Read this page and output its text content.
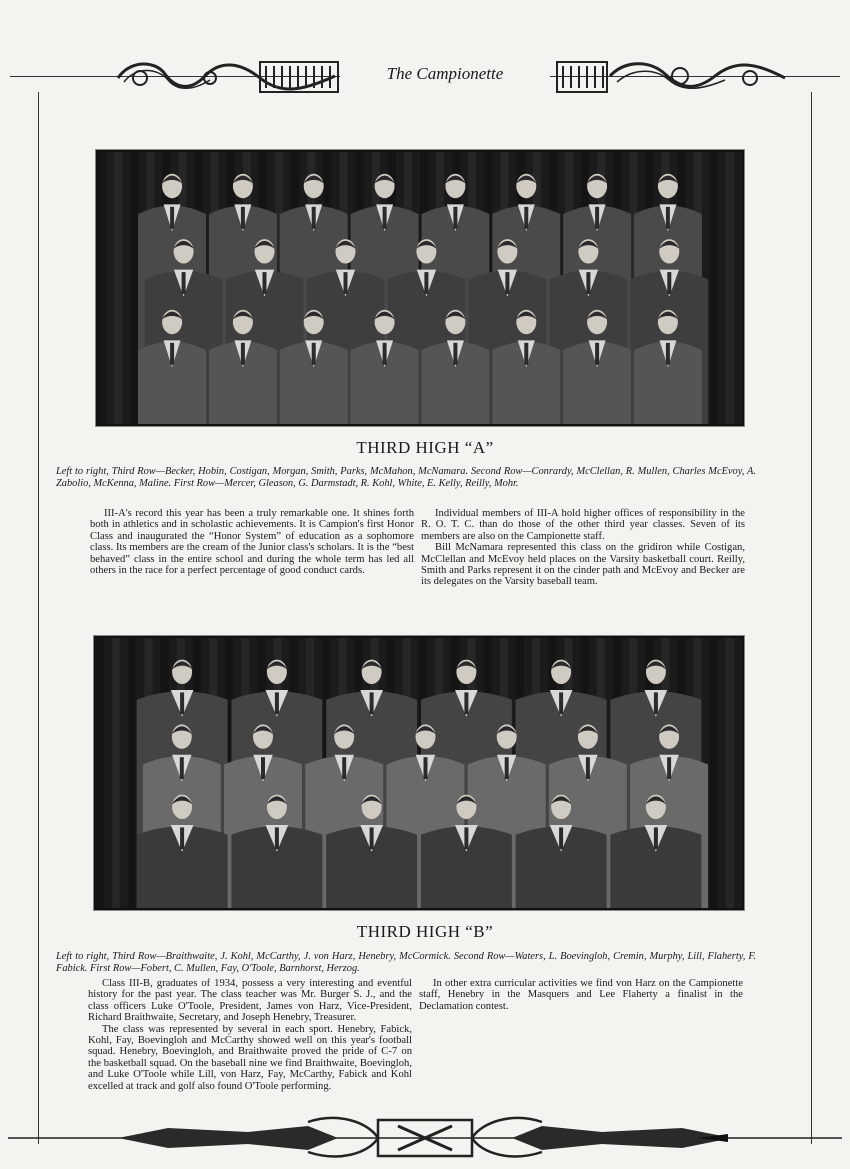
The Campionette
THIRD HIGH “A”
Left to right, Third Row—Becker, Hobin, Costigan, Morgan, Smith, Parks, McMahon, McNamara. Second Row—Conrardy, McClellan, R. Mullen, Charles McEvoy, A. Zabolio, McKenna, Maline. First Row—Mercer, Gleason, G. Darmstadt, R. Kohl, White, E. Kelly, Reilly, Mohr.

III-A's record this year has been a truly remarkable one. It shines forth both in athletics and in scholastic achievements. It is Campion's first Honor Class and inaugurated the “Honor System” of education as a sophomore class. Its members are the cream of the Junior class's scholars. It is the “best behaved” class in the entire school and during the whole term has led all others in the race for a perfect percentage of good conduct cards.

Individual members of III-A hold higher offices of responsibility in the R. O. T. C. than do those of the other third year classes. Seven of its members are also on the Campionette staff.

Bill McNamara represented this class on the gridiron while Costigan, McClellan and McEvoy held places on the Varsity basketball court. Reilly, Smith and Parks represent it on the cinder path and McEvoy and Becker are its delegates on the Varsity baseball team.

THIRD HIGH “B”
Left to right, Third Row—Braithwaite, J. Kohl, McCarthy, J. von Harz, Henebry, McCormick. Second Row—Waters, L. Boevingloh, Cremin, Murphy, Lill, Flaherty, F. Fabick. First Row—Fobert, C. Mullen, Fay, O'Toole, Barnhorst, Herzog.

Class III-B, graduates of 1934, possess a very interesting and eventful history for the past year. The class teacher was Mr. Burger S. J., and the class officers Luke O'Toole, President, James von Harz, Vice-President, Richard Braithwaite, Secretary, and Joseph Henebry, Treasurer.

The class was represented by several in each sport. Henebry, Fabick, Kohl, Fay, Boevingloh and McCarthy showed well on this year's football squad. Henebry, Boevingloh, and Braithwaite proved the pride of C-7 on the basketball squad. On the baseball nine we find Braithwaite, Boevingloh, and Luke O'Toole while Lill, von Harz, Fay, McCarthy, Fabick and Kohl excelled at track and golf also found O'Toole performing.

In other extra curricular activities we find von Harz on the Campionette staff, Henebry in the Masquers and Lee Flaherty a finalist in the Declamation contest.
